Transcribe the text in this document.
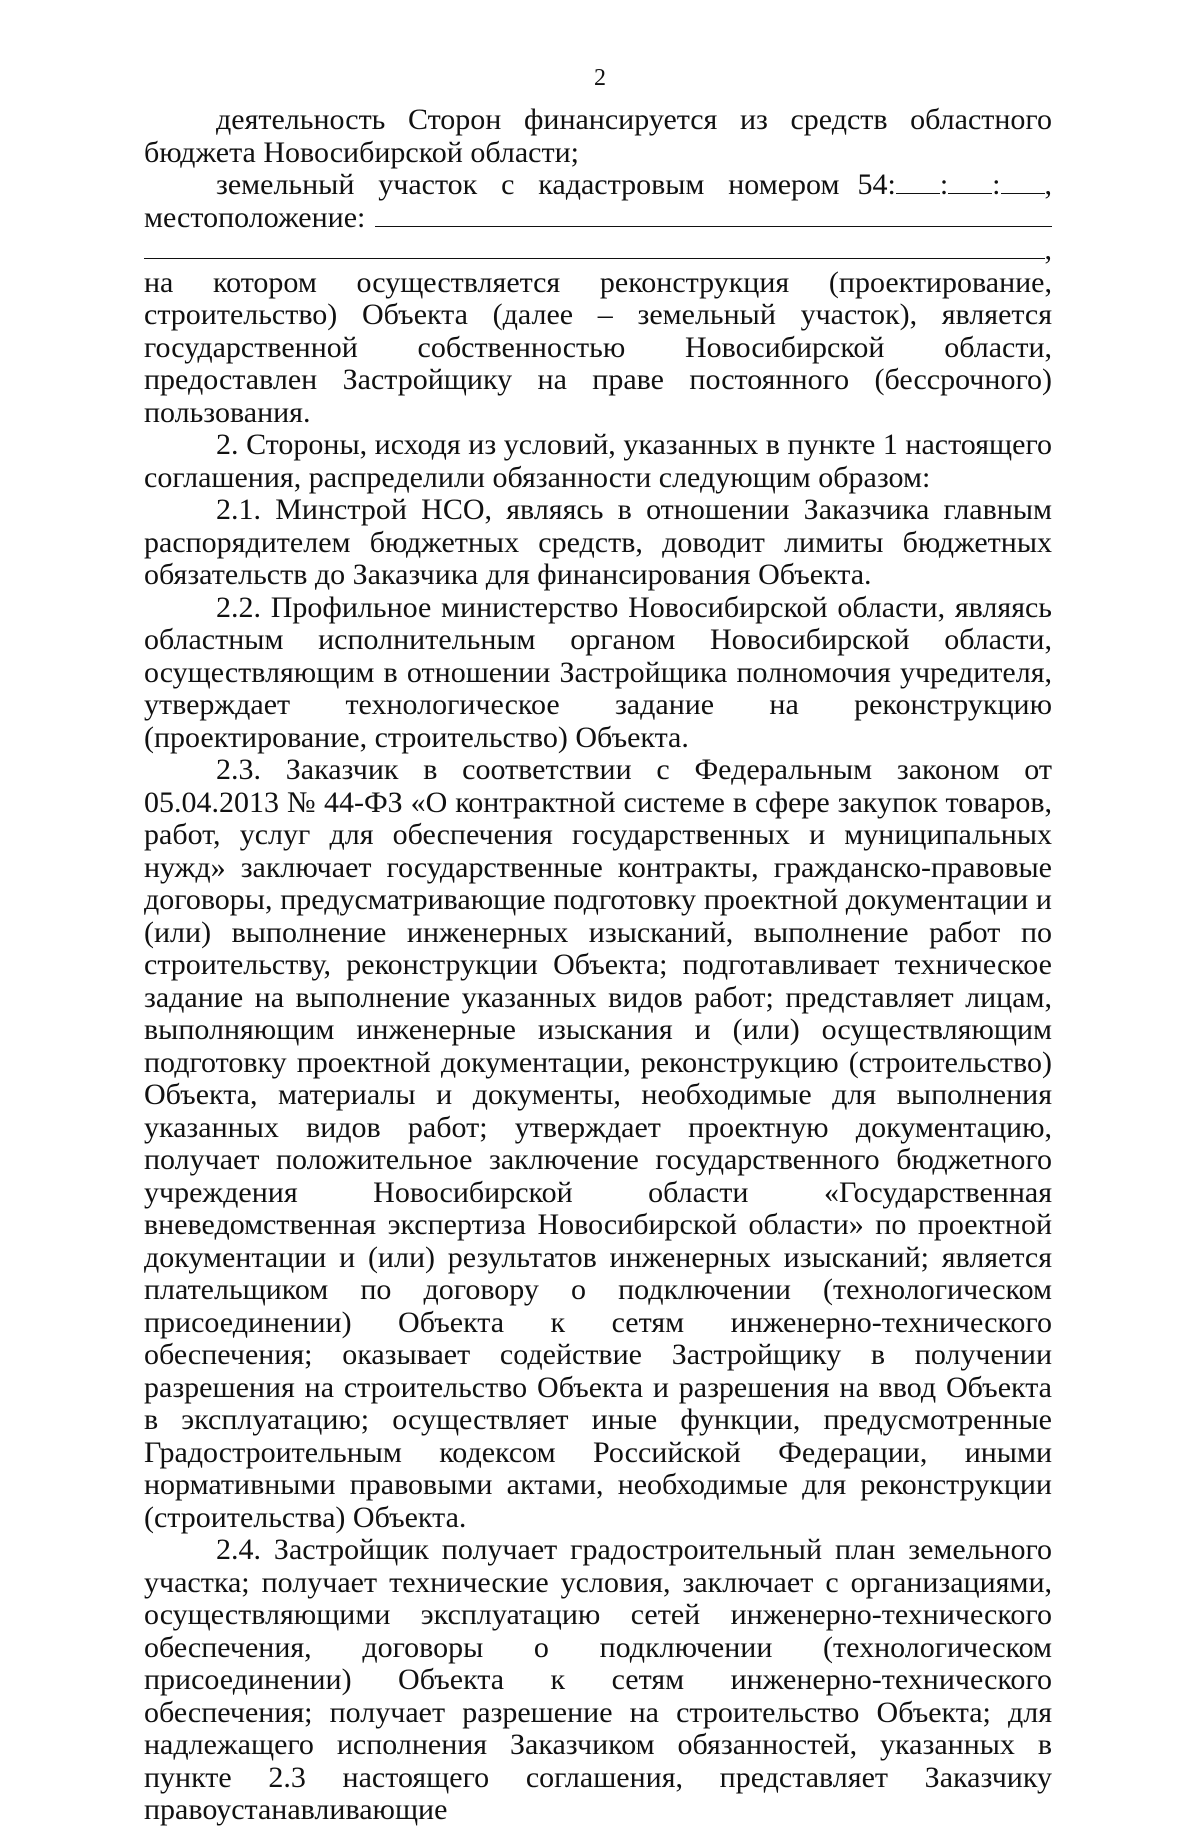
2

деятельность Сторон финансируется из средств областного бюджета Новосибирской области;

земельный участок с кадастровым номером 54: : : ,
местоположение:
,

на котором осуществляется реконструкция (проектирование, строительство) Объекта (далее – земельный участок), является государственной собственностью Новосибирской области, предоставлен Застройщику на праве постоянного (бессрочного) пользования.

2. Стороны, исходя из условий, указанных в пункте 1 настоящего соглашения, распределили обязанности следующим образом:

2.1. Минстрой НСО, являясь в отношении Заказчика главным распорядителем бюджетных средств, доводит лимиты бюджетных обязательств до Заказчика для финансирования Объекта.

2.2. Профильное министерство Новосибирской области, являясь областным исполнительным органом Новосибирской области, осуществляющим в отношении Застройщика полномочия учредителя, утверждает технологическое задание на реконструкцию (проектирование, строительство) Объекта.

2.3. Заказчик в соответствии с Федеральным законом от 05.04.2013 № 44-ФЗ «О контрактной системе в сфере закупок товаров, работ, услуг для обеспечения государственных и муниципальных нужд» заключает государственные контракты, гражданско-правовые договоры, предусматривающие подготовку проектной документации и (или) выполнение инженерных изысканий, выполнение работ по строительству, реконструкции Объекта; подготавливает техническое задание на выполнение указанных видов работ; представляет лицам, выполняющим инженерные изыскания и (или) осуществляющим подготовку проектной документации, реконструкцию (строительство) Объекта, материалы и документы, необходимые для выполнения указанных видов работ; утверждает проектную документацию, получает положительное заключение государственного бюджетного учреждения Новосибирской области «Государственная вневедомственная экспертиза Новосибирской области» по проектной документации и (или) результатов инженерных изысканий; является плательщиком по договору о подключении (технологическом присоединении) Объекта к сетям инженерно-технического обеспечения; оказывает содействие Застройщику в получении разрешения на строительство Объекта и разрешения на ввод Объекта в эксплуатацию; осуществляет иные функции, предусмотренные Градостроительным кодексом Российской Федерации, иными нормативными правовыми актами, необходимые для реконструкции (строительства) Объекта.

2.4. Застройщик получает градостроительный план земельного участка; получает технические условия, заключает с организациями, осуществляющими эксплуатацию сетей инженерно-технического обеспечения, договоры о подключении (технологическом присоединении) Объекта к сетям инженерно-технического обеспечения; получает разрешение на строительство Объекта; для надлежащего исполнения Заказчиком обязанностей, указанных в пункте 2.3 настоящего соглашения, представляет Заказчику правоустанавливающие
